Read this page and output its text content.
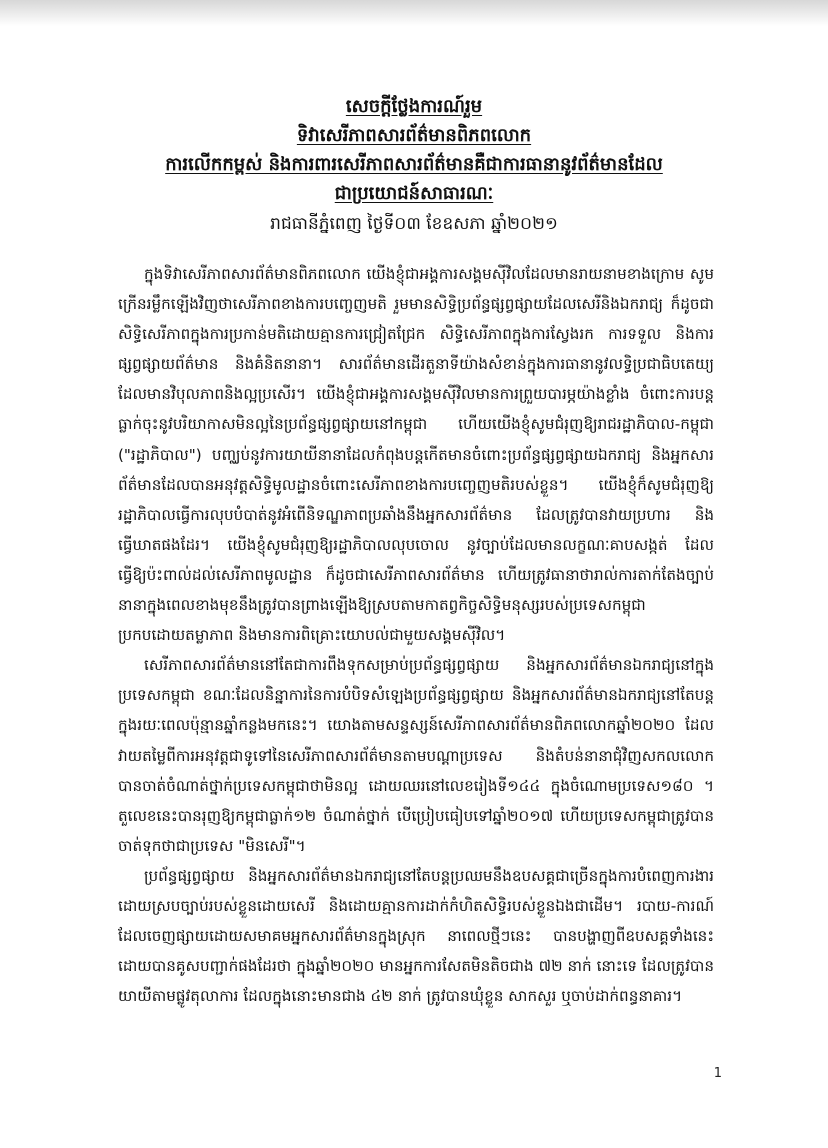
សេចក្ដីថ្លែងការណ៍រួម
ទិវាសេរីភាពសារព័ត៌មានពិភពលោក
ការលើកកម្ពស់ និងការពារសេរីភាពសារព័ត៌មានគឺជាការធានានូវព័ត៌មានដែល
ជាប្រយោជន៍សាធារណៈ
រាជធានីភ្នំពេញ ថ្ងៃទី០៣ ខែឧសភា ឆ្នាំ២០២១

ក្នុងទិវាសេរីភាពសារព័ត៌មានពិភពលោក យើងខ្ញុំជាអង្គការសង្គមស៊ីវិលដែលមានរាយនាមខាងក្រោម សូមក្រើនរម្លឹកឡើងវិញថាសេរីភាពខាងការបញ្ចេញមតិ រួមមានសិទ្ធិប្រព័ន្ធផ្សព្វផ្សាយដែលសេរីនិងឯករាជ្យ ក៏ដូចជាសិទ្ធិសេរីភាពក្នុងការប្រកាន់មតិដោយគ្មានការជ្រៀតជ្រែក សិទ្ធិសេរីភាពក្នុងការស្វែងរក ការទទួល និងការផ្សព្វផ្សាយព័ត៌មាន និងគំនិតនានា។ សារព័ត៌មានដើរតួនាទីយ៉ាងសំខាន់ក្នុងការធានានូវលទ្ធិប្រជាធិបតេយ្យដែលមានវិបុលភាពនិងល្អប្រសើរ។ យើងខ្ញុំជាអង្គការសង្គមស៊ីវិលមានការព្រួយបារម្ភយ៉ាងខ្លាំង ចំពោះការបន្តធ្លាក់ចុះនូវបរិយាកាសមិនល្អនៃប្រព័ន្ធផ្សព្វផ្សាយនៅកម្ពុជា ហើយយើងខ្ញុំសូមជំរុញឱ្យរាជរដ្ឋាភិបាល-កម្ពុជា ("រដ្ឋាភិបាល") បញ្ឈប់នូវការយាយីនានាដែលកំពុងបន្តកើតមានចំពោះប្រព័ន្ធផ្សព្វផ្សាយឯករាជ្យ និងអ្នកសារព័ត៌មានដែលបានអនុវត្តសិទ្ធិមូលដ្ឋានចំពោះសេរីភាពខាងការបញ្ចេញមតិរបស់ខ្លួន។ យើងខ្ញុំក៏សូមជំរុញឱ្យរដ្ឋាភិបាលធ្វើការលុបបំបាត់នូវអំពើនិទណ្ឌភាពប្រឆាំងនឹងអ្នកសារព័ត៌មាន ដែលត្រូវបានវាយប្រហារ និងធ្វើឃាតផងដែរ។ យើងខ្ញុំសូមជំរុញឱ្យរដ្ឋាភិបាលលុបចោល នូវច្បាប់ដែលមានលក្ខណៈគាបសង្កត់ ដែលធ្វើឱ្យប៉ះពាល់ដល់សេរីភាពមូលដ្ឋាន ក៏ដូចជាសេរីភាពសារព័ត៌មាន ហើយត្រូវធានាថារាល់ការតាក់តែងច្បាប់នានាក្នុងពេលខាងមុខនឹងត្រូវបានព្រាងឡើងឱ្យស្របតាមកាតព្វកិច្ចសិទ្ធិមនុស្សរបស់ប្រទេសកម្ពុជា ប្រកបដោយតម្លាភាព និងមានការពិគ្រោះយោបល់ជាមួយសង្គមស៊ីវិល។

សេរីភាពសារព័ត៌មាននៅតែជាការពឹងទុកសម្រាប់ប្រព័ន្ធផ្សព្វផ្សាយ និងអ្នកសារព័ត៌មានឯករាជ្យនៅក្នុងប្រទេសកម្ពុជា ខណៈដែលនិន្នាការនៃការបំបិទសំឡេងប្រព័ន្ធផ្សព្វផ្សាយ និងអ្នកសារព័ត៌មានឯករាជ្យនៅតែបន្តក្នុងរយៈពេលប៉ុន្មានឆ្នាំកន្លងមកនេះ។ យោងតាមសន្ទស្សន៍សេរីភាពសារព័ត៌មានពិភពលោកឆ្នាំ២០២០ ដែលវាយតម្លៃពីការអនុវត្តជាទូទៅនៃសេរីភាពសារព័ត៌មានតាមបណ្ដាប្រទេស និងតំបន់នានាជុំវិញសកលលោក បានចាត់ចំណាត់ថ្នាក់ប្រទេសកម្ពុជាថាមិនល្អ ដោយឈរនៅលេខរៀងទី១៤៤ ក្នុងចំណោមប្រទេស១៨០ ។ តួលេខនេះបានរុញឱ្យកម្ពុជាធ្លាក់១២ ចំណាត់ថ្នាក់ បើប្រៀបធៀបទៅឆ្នាំ២០១៧ ហើយប្រទេសកម្ពុជាត្រូវបានចាត់ទុកថាជាប្រទេស "មិនសេរី"។

ប្រព័ន្ធផ្សព្វផ្សាយ និងអ្នកសារព័ត៌មានឯករាជ្យនៅតែបន្តប្រឈមនឹងឧបសគ្គជាច្រើនក្នុងការបំពេញការងារដោយស្របច្បាប់របស់ខ្លួនដោយសេរី និងដោយគ្មានការដាក់កំហិតសិទ្ធិរបស់ខ្លួនឯងជាដើម។ របាយ-ការណ៍ដែលចេញផ្សាយដោយសមាគមអ្នកសារព័ត៌មានក្នុងស្រុក នាពេលថ្មីៗនេះ បានបង្ហាញពីឧបសគ្គទាំងនេះដោយបានគូសបញ្ជាក់ផងដែរថា ក្នុងឆ្នាំ២០២០ មានអ្នកការសែតមិនតិចជាង ៧២ នាក់ នោះទេ ដែលត្រូវបានយាយីតាមផ្លូវតុលាការ ដែលក្នុងនោះមានជាង ៤២ នាក់ ត្រូវបានឃុំខ្លួន សាកសួរ ឬចាប់ដាក់ពន្ធនាគារ។

1
